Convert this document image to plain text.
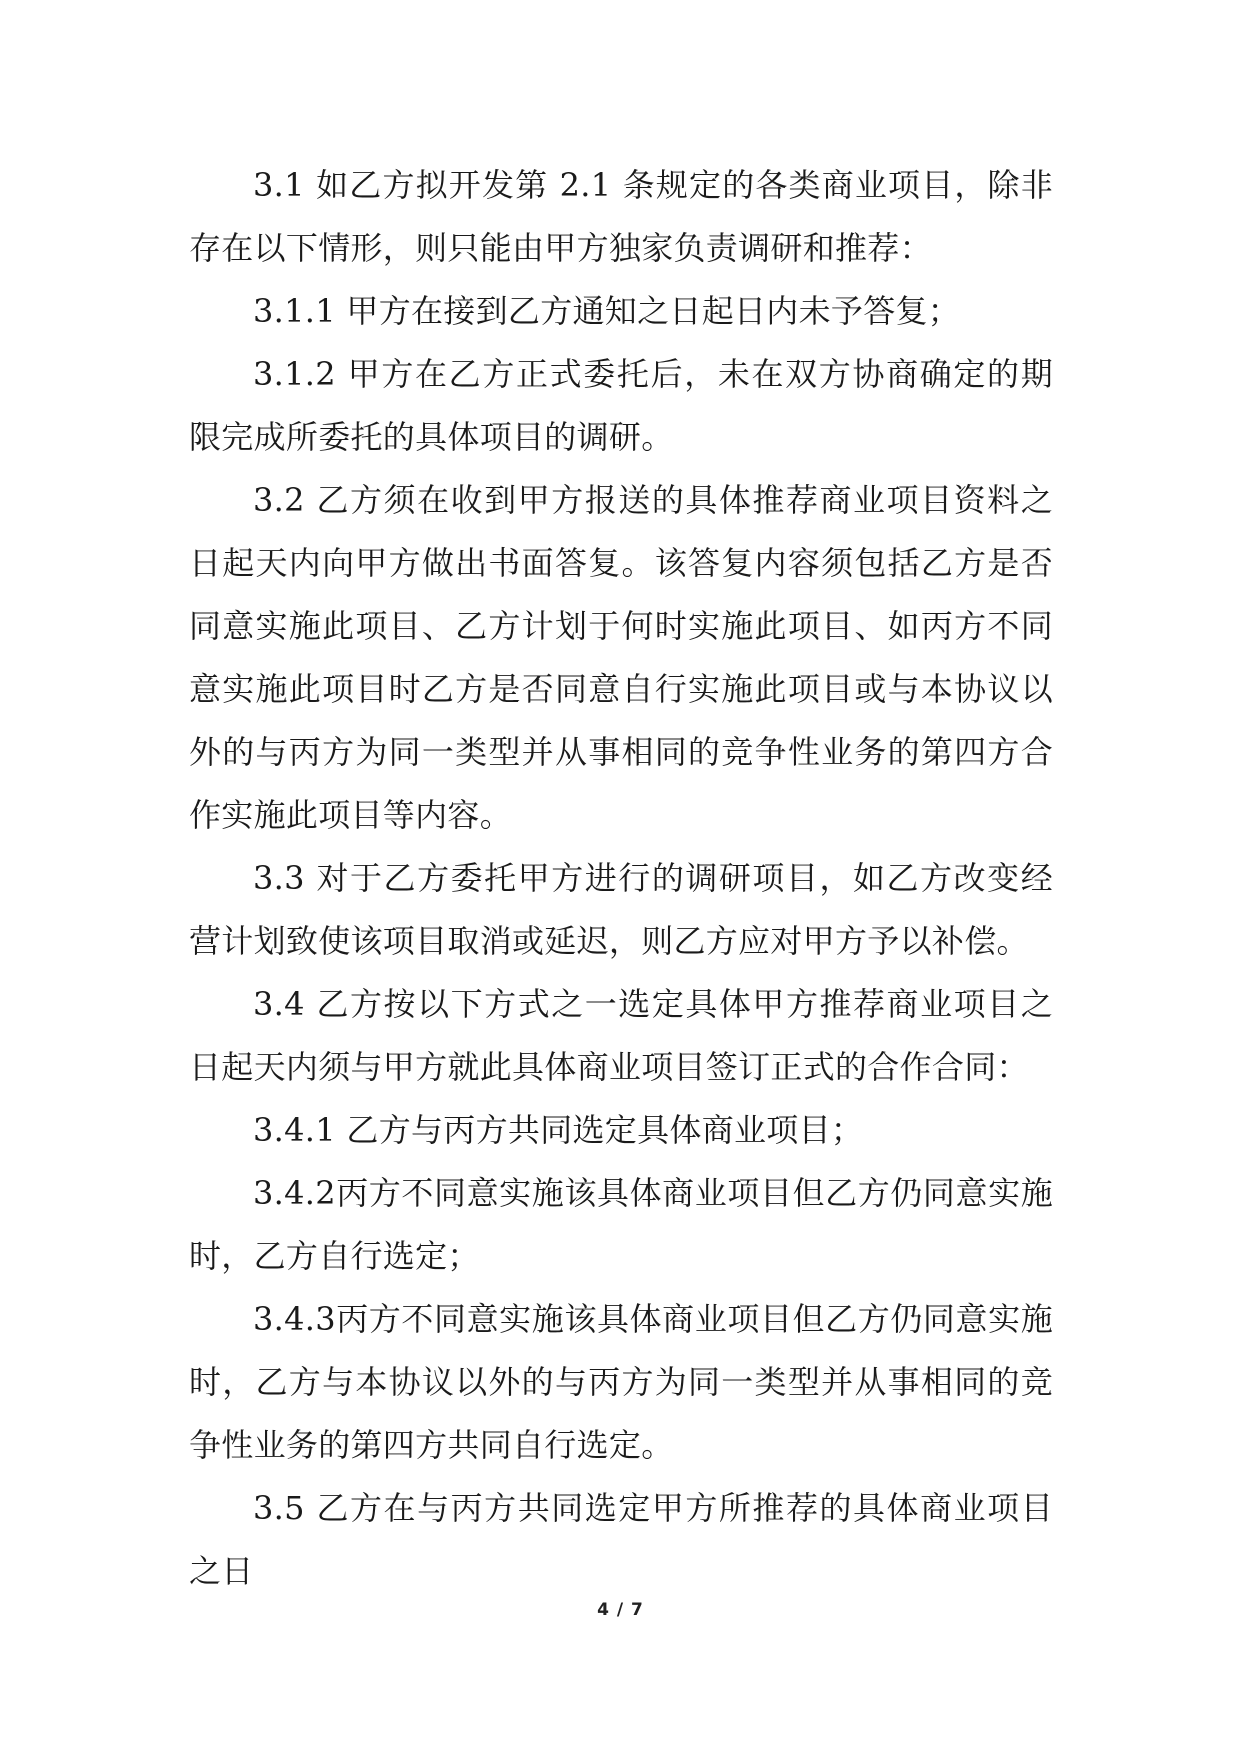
3.1 如乙方拟开发第 2.1 条规定的各类商业项目，除非存在以下情形，则只能由甲方独家负责调研和推荐：

3.1.1 甲方在接到乙方通知之日起日内未予答复；

3.1.2 甲方在乙方正式委托后，未在双方协商确定的期限完成所委托的具体项目的调研。

3.2 乙方须在收到甲方报送的具体推荐商业项目资料之日起天内向甲方做出书面答复。该答复内容须包括乙方是否同意实施此项目、乙方计划于何时实施此项目、如丙方不同意实施此项目时乙方是否同意自行实施此项目或与本协议以外的与丙方为同一类型并从事相同的竞争性业务的第四方合作实施此项目等内容。

3.3 对于乙方委托甲方进行的调研项目，如乙方改变经营计划致使该项目取消或延迟，则乙方应对甲方予以补偿。

3.4 乙方按以下方式之一选定具体甲方推荐商业项目之日起天内须与甲方就此具体商业项目签订正式的合作合同：

3.4.1 乙方与丙方共同选定具体商业项目；

3.4.2丙方不同意实施该具体商业项目但乙方仍同意实施时，乙方自行选定；

3.4.3丙方不同意实施该具体商业项目但乙方仍同意实施时，乙方与本协议以外的与丙方为同一类型并从事相同的竞争性业务的第四方共同自行选定。

3.5 乙方在与丙方共同选定甲方所推荐的具体商业项目之日

4 / 7
